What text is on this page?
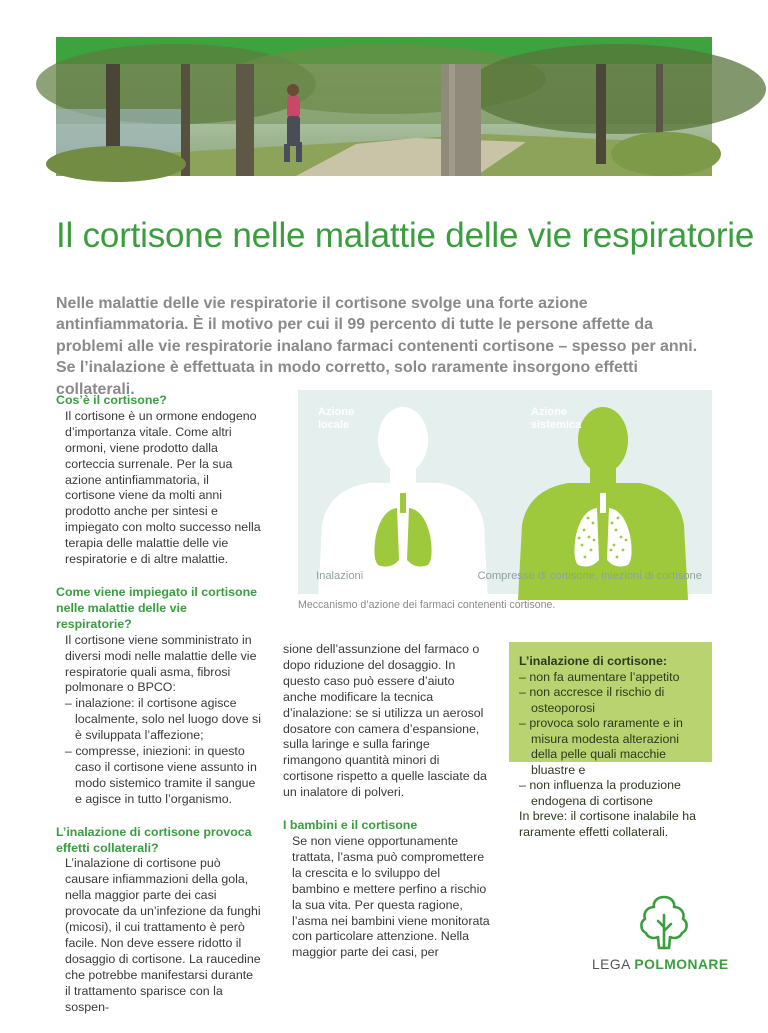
Il cortisone nelle malattie delle vie respiratorie

Nelle malattie delle vie respiratorie il cortisone svolge una forte azione antinfiammatoria. È il motivo per cui il 99 percento di tutte le persone affette da problemi alle vie respiratorie inalano farmaci contenenti cortisone – spesso per anni. Se l’inalazione è effettuata in modo corretto, solo raramente insorgono effetti collaterali.

Cos’è il cortisone?

Il cortisone è un ormone endogeno d’importanza vitale. Come altri ormoni, viene prodotto dalla corteccia surrenale. Per la sua azione antinfiammatoria, il cortisone viene da molti anni prodotto anche per sintesi e impiegato con molto successo nella terapia delle malattie delle vie respiratorie e di altre malattie.

Come viene impiegato il cortisone nelle malattie delle vie respiratorie?

Il cortisone viene somministrato in diversi modi nelle malattie delle vie respiratorie quali asma, fibrosi polmonare o BPCO:

– inalazione: il cortisone agisce localmente, solo nel luogo dove si è sviluppata l’affezione;
– compresse, iniezioni: in questo caso il cortisone viene assunto in modo sistemico tramite il sangue e agisce in tutto l’organismo.
L’inalazione di cortisone provoca effetti collaterali?

L’inalazione di cortisone può causare infiammazioni della gola, nella maggior parte dei casi provocate da un’infezione da funghi (micosi), il cui trattamento è però facile. Non deve essere ridotto il dosaggio di cortisone. La raucedine che potrebbe manifestarsi durante il trattamento sparisce con la sospen-

Azione locale
Azione sistemica
Inalazioni	Compresse di cortisone, iniezioni di cortisone
Meccanismo d’azione dei farmaci contenenti cortisone.

sione dell’assunzione del farmaco o dopo riduzione del dosaggio. In questo caso può essere d’aiuto anche modificare la tecnica d’inalazione: se si utilizza un aerosol dosatore con camera d’espansione, sulla laringe e sulla faringe rimangono quantità minori di cortisone rispetto a quelle lasciate da un inalatore di polveri.

I bambini e il cortisone

Se non viene opportunamente trattata, l’asma può compromettere la crescita e lo sviluppo del bambino e mettere perfino a rischio la sua vita. Per questa ragione, l’asma nei bambini viene monitorata con particolare attenzione. Nella maggior parte dei casi, per

L’inalazione di cortisone:
– non fa aumentare l’appetito
– non accresce il rischio di osteoporosi
– provoca solo raramente e in misura modesta alterazioni della pelle quali macchie bluastre e
– non influenza la produzione endogena di cortisone

In breve: il cortisone inalabile ha raramente effetti collaterali.

LEGA POLMONARE
